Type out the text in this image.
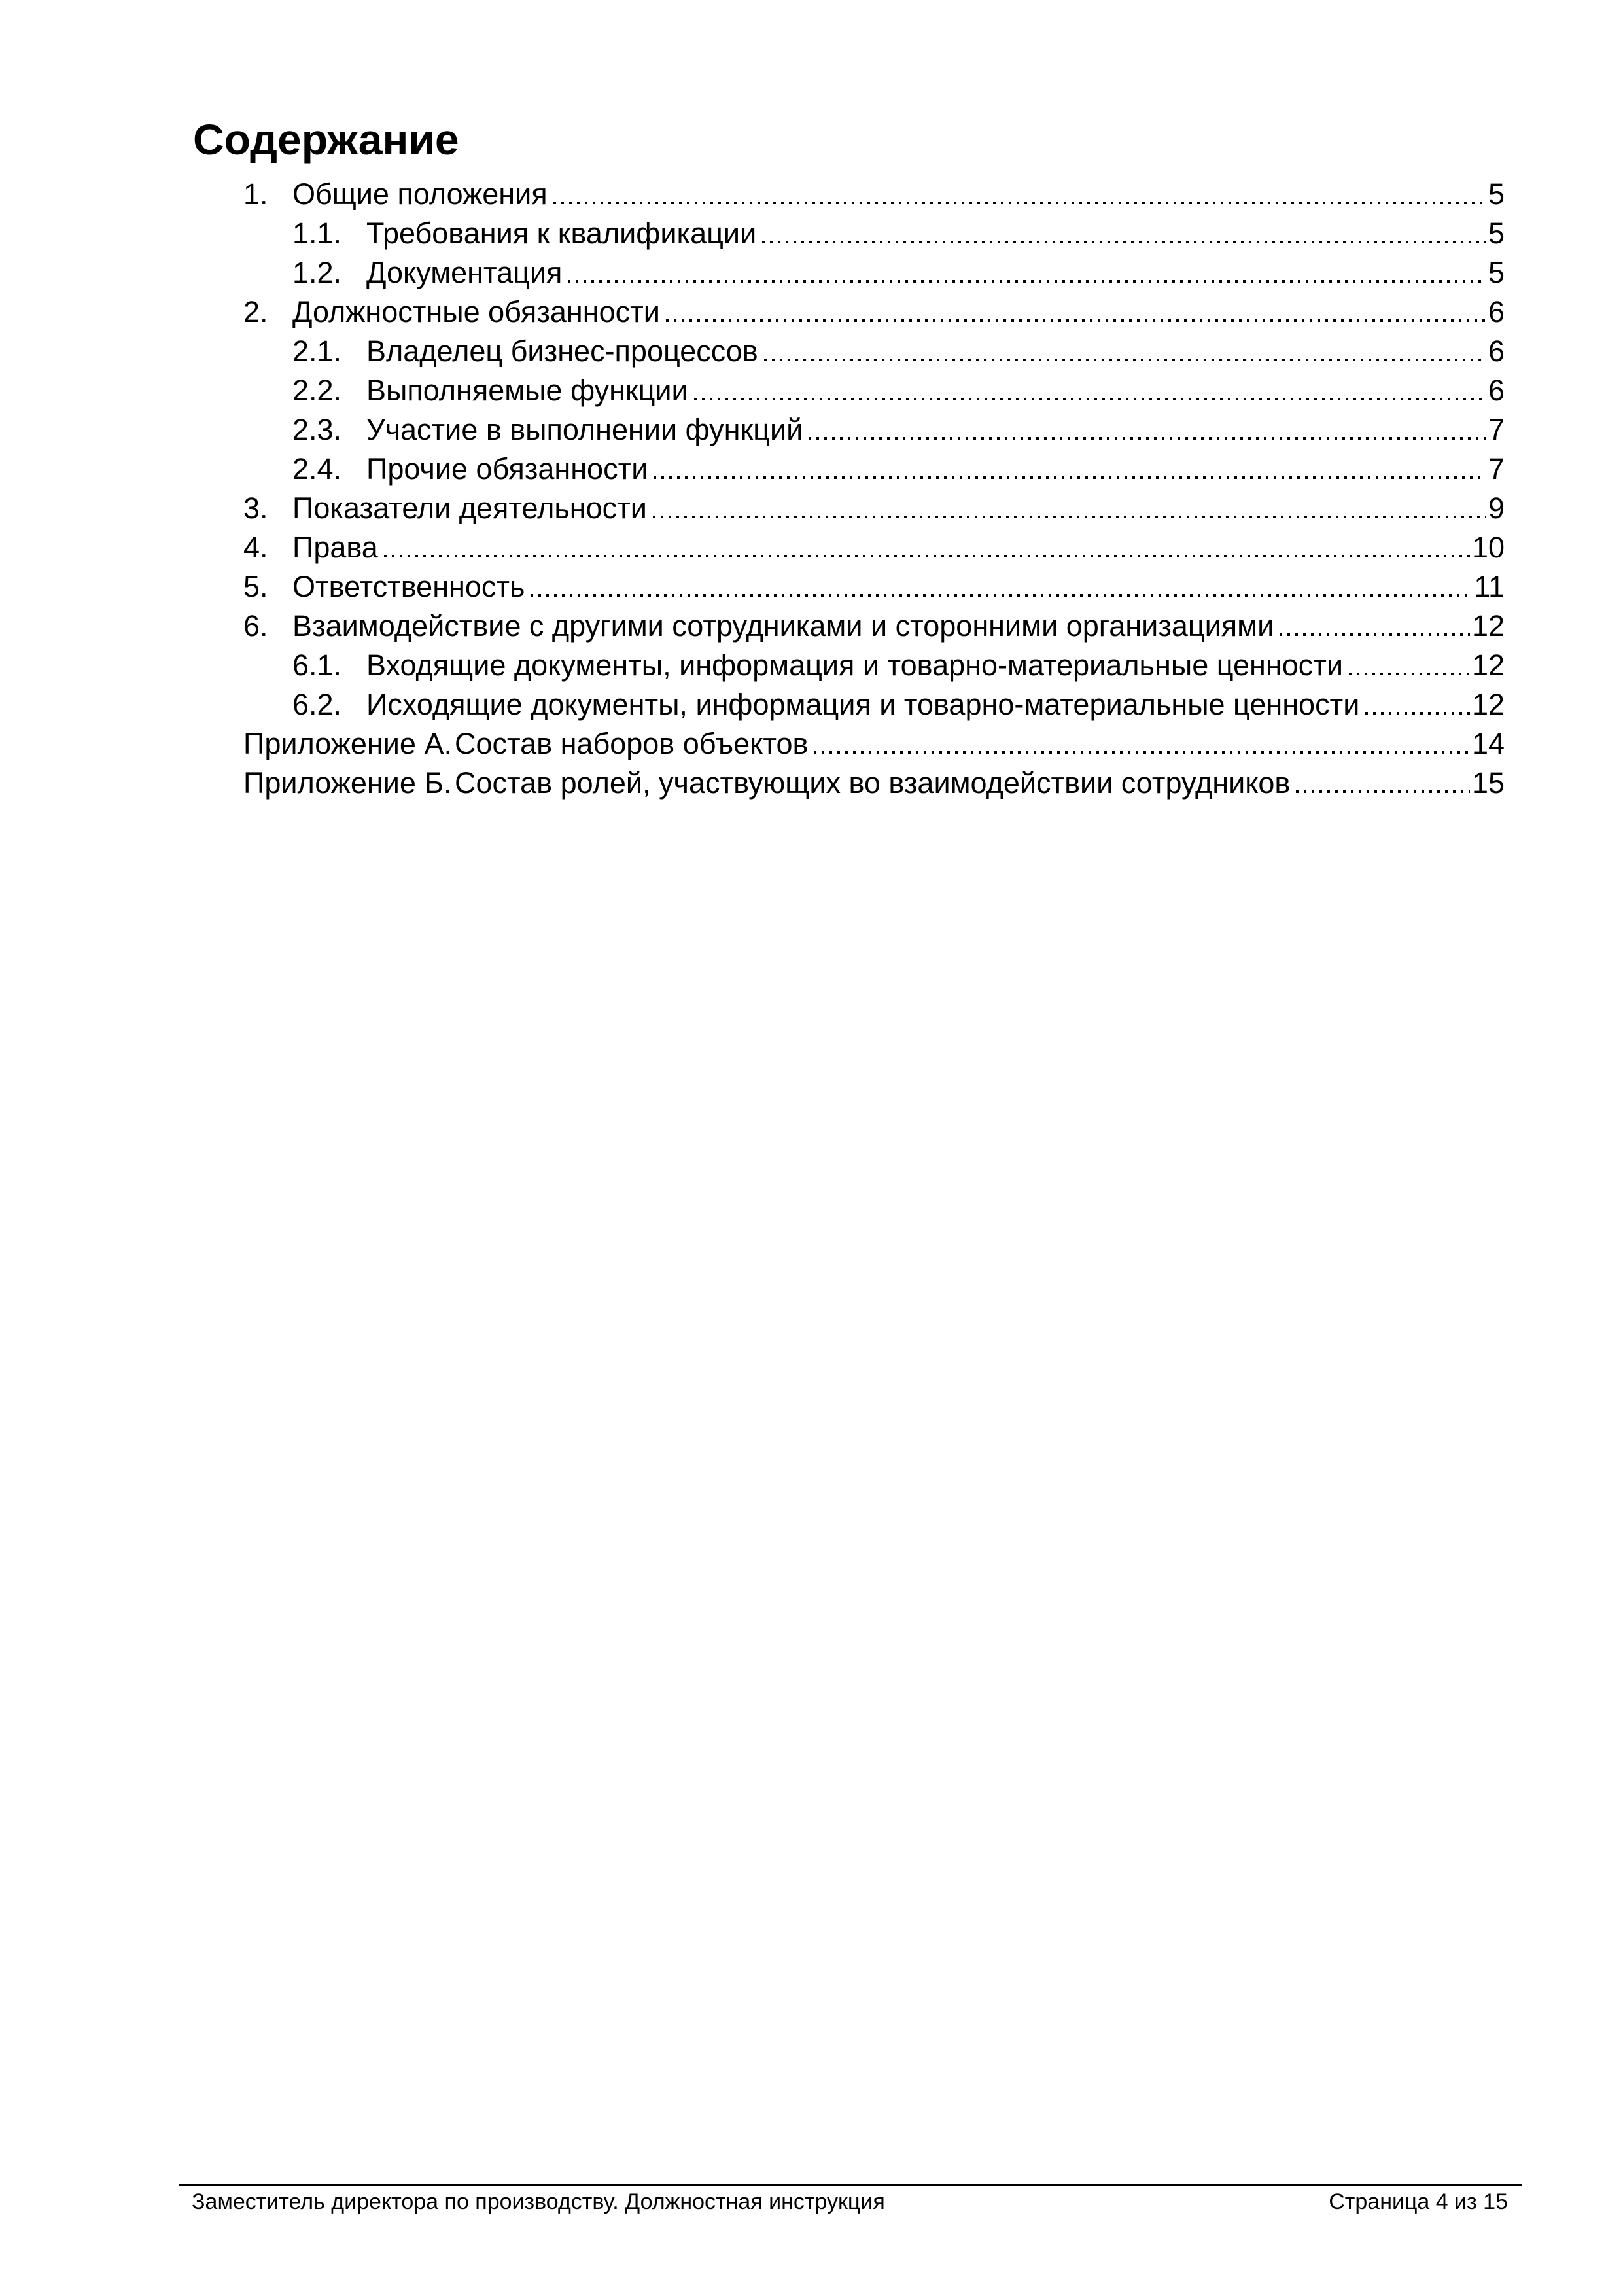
Содержание
1. Общие положения	5
1.1. Требования к квалификации	5
1.2. Документация	5
2. Должностные обязанности	6
2.1. Владелец бизнес-процессов	6
2.2. Выполняемые функции	6
2.3. Участие в выполнении функций	7
2.4. Прочие обязанности	7
3. Показатели деятельности	9
4. Права	10
5. Ответственность	11
6. Взаимодействие с другими сотрудниками и сторонними организациями	12
6.1. Входящие документы, информация и товарно-материальные ценности	12
6.2. Исходящие документы, информация и товарно-материальные ценности	12
Приложение А. Состав наборов объектов	14
Приложение Б. Состав ролей, участвующих во взаимодействии сотрудников	15
Заместитель директора по производству. Должностная инструкция	Страница 4 из 15
